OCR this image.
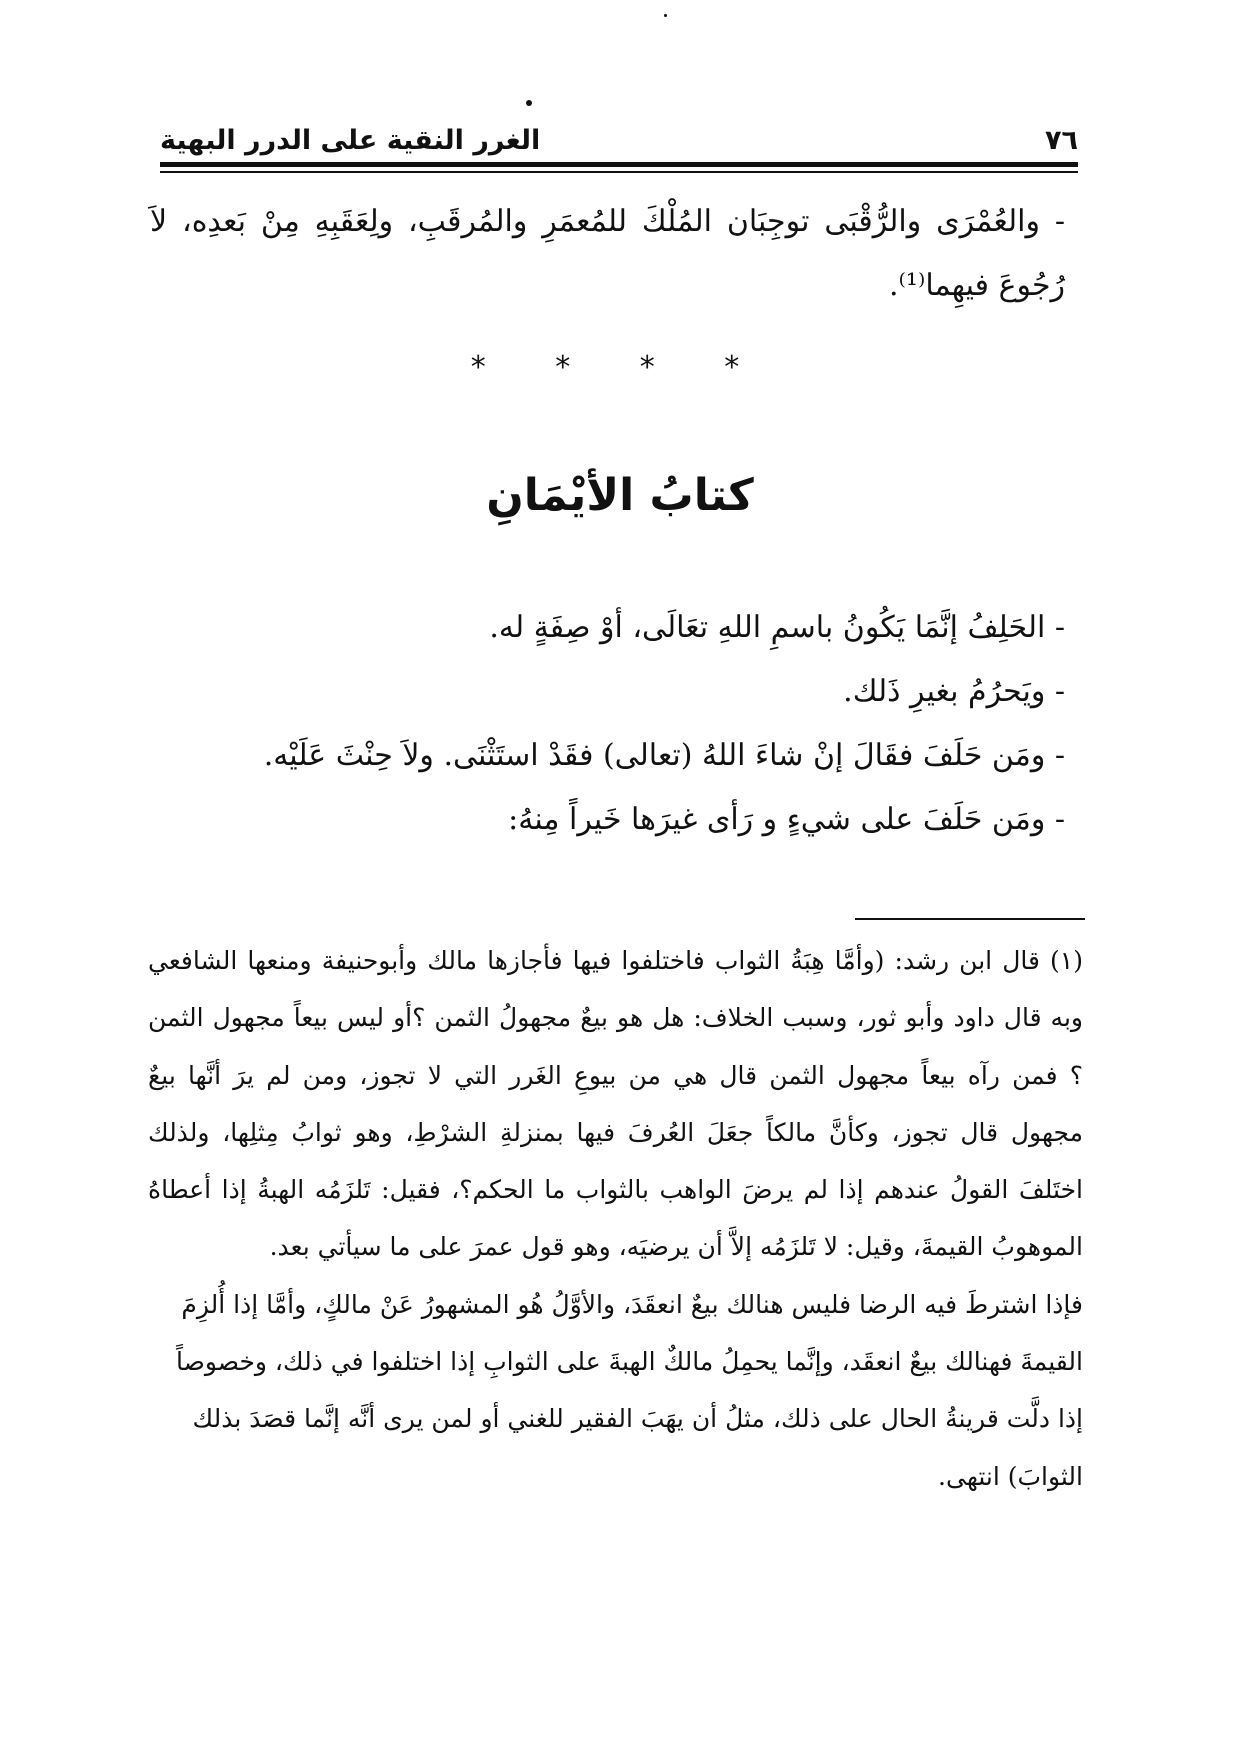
٧٦
الغرر النقية على الدرر البهية
- والعُمْرَى والرُّقْبَى توجِبَان المُلْكَ للمُعمَرِ والمُرقَبِ، ولِعَقَبِهِ مِنْ بَعدِه، لاَ رُجُوعَ فيهِما⁽¹⁾.
* * * *
كتابُ الأيْمَانِ

- الحَلِفُ إنَّمَا يَكُونُ باسمِ اللهِ تعَالَى، أوْ صِفَةٍ له.

- ويَحرُمُ بغيرِ ذَلك.

- ومَن حَلَفَ فقَالَ إنْ شاءَ اللهُ (تعالى) فقَدْ استَثْنَى. ولاَ حِنْثَ عَلَيْه.

- ومَن حَلَفَ على شيءٍ و رَأى غيرَها خَيراً مِنهُ:

(١) قال ابن رشد: (وأمَّا هِبَةُ الثواب فاختلفوا فيها فأجازها مالك وأبوحنيفة ومنعها الشافعي وبه قال داود وأبو ثور، وسبب الخلاف: هل هو بيعٌ مجهولُ الثمن ؟أو ليس بيعاً مجهول الثمن ؟ فمن رآه بيعاً مجهول الثمن قال هي من بيوعِ الغَرر التي لا تجوز، ومن لم يرَ أنَّها بيعٌ مجهول قال تجوز، وكأنَّ مالكاً جعَلَ العُرفَ فيها بمنزلةِ الشرْطِ، وهو ثوابُ مِثلِها، ولذلك اختَلفَ القولُ عندهم إذا لم يرضَ الواهب بالثواب ما الحكم؟، فقيل: تَلزَمُه الهبةُ إذا أعطاهُ الموهوبُ القيمةَ، وقيل: لا تَلزَمُه إلاَّ أن يرضيَه، وهو قول عمرَ على ما سيأتي بعد.

فإذا اشترطَ فيه الرضا فليس هنالك بيعٌ انعقَدَ، والأوَّلُ هُو المشهورُ عَنْ مالكٍ، وأمَّا إذا أُلزِمَ القيمةَ فهنالك بيعٌ انعقَد، وإنَّما يحمِلُ مالكٌ الهبةَ على الثوابِ إذا اختلفوا في ذلك، وخصوصاً إذا دلَّت قرينةُ الحال على ذلك، مثلُ أن يهَبَ الفقير للغني أو لمن يرى أنَّه إنَّما قصَدَ بذلك الثوابَ) انتهى.
